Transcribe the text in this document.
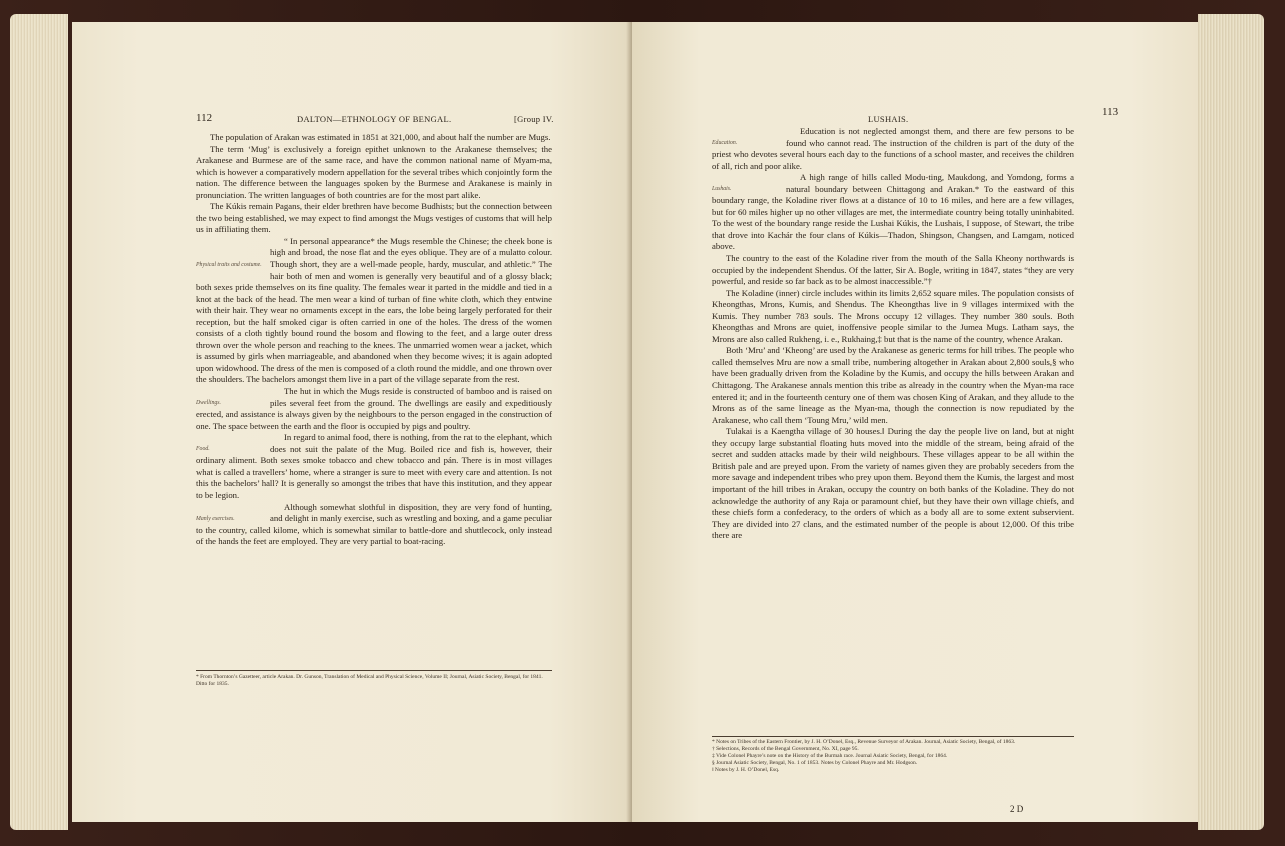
112	DALTON—ETHNOLOGY OF BENGAL.	[Group IV.

The population of Arakan was estimated in 1851 at 321,000, and about half the number are Mugs.

The term ‘Mug’ is exclusively a foreign epithet unknown to the Arakanese themselves; the Arakanese and Burmese are of the same race, and have the common national name of Myam-ma, which is however a comparatively modern appellation for the several tribes which conjointly form the nation. The difference between the languages spoken by the Burmese and Arakanese is mainly in pronunciation. The written languages of both countries are for the most part alike.

The Kúkis remain Pagans, their elder brethren have become Budhists; but the connection between the two being established, we may expect to find amongst the Mugs vestiges of customs that will help us in affiliating them.

Physical traits and costume.
“ In personal appearance* the Mugs resemble the Chinese; the cheek bone is high and broad, the nose flat and the eyes oblique. They are of a mulatto colour. Though short, they are a well-made people, hardy, muscular, and athletic.” The hair both of men and women is generally very beautiful and of a glossy black; both sexes pride themselves on its fine quality. The females wear it parted in the middle and tied in a knot at the back of the head. The men wear a kind of turban of fine white cloth, which they entwine with their hair. They wear no ornaments except in the ears, the lobe being largely perforated for their reception, but the half smoked cigar is often carried in one of the holes. The dress of the women consists of a cloth tightly bound round the bosom and flowing to the feet, and a large outer dress thrown over the whole person and reaching to the knees. The unmarried women wear a jacket, which is assumed by girls when marriageable, and abandoned when they become wives; it is again adopted upon widowhood. The dress of the men is composed of a cloth round the middle, and one thrown over the shoulders. The bachelors amongst them live in a part of the village separate from the rest.

Dwellings.
The hut in which the Mugs reside is constructed of bamboo and is raised on piles several feet from the ground. The dwellings are easily and expeditiously erected, and assistance is always given by the neighbours to the person engaged in the construction of one. The space between the earth and the floor is occupied by pigs and poultry.

Food.
In regard to animal food, there is nothing, from the rat to the elephant, which does not suit the palate of the Mug. Boiled rice and fish is, however, their ordinary aliment. Both sexes smoke tobacco and chew tobacco and pán. There is in most villages what is called a travellers’ home, where a stranger is sure to meet with every care and attention. Is not this the bachelors’ hall? It is generally so amongst the tribes that have this institution, and they appear to be legion.

Manly exercises.
Although somewhat slothful in disposition, they are very fond of hunting, and delight in manly exercise, such as wrestling and boxing, and a game peculiar to the country, called kilome, which is somewhat similar to battle-dore and shuttlecock, only instead of the hands the feet are employed. They are very partial to boat-racing.

* From Thornton’s Gazetteer, article Arakan. Dr. Gunson, Translation of Medical and Physical Science, Volume II; Journal, Asiatic Society, Bengal, for 1841. Ditto for 1835.
LUSHAIS.
113

Education.
Education is not neglected amongst them, and there are few persons to be found who cannot read. The instruction of the children is part of the duty of the priest who devotes several hours each day to the functions of a school master, and receives the children of all, rich and poor alike.

Lushais.
A high range of hills called Modu-ting, Maukdong, and Yomdong, forms a natural boundary between Chittagong and Arakan.* To the eastward of this boundary range, the Koladine river flows at a distance of 10 to 16 miles, and here are a few villages, but for 60 miles higher up no other villages are met, the intermediate country being totally uninhabited. To the west of the boundary range reside the Lushai Kúkis, the Lushais, I suppose, of Stewart, the tribe that drove into Kachár the four clans of Kúkis—Thadon, Shingson, Changsen, and Lamgam, noticed above.

The country to the east of the Koladine river from the mouth of the Salla Kheony northwards is occupied by the independent Shendus. Of the latter, Sir A. Bogle, writing in 1847, states “they are very powerful, and reside so far back as to be almost inaccessible.”†

The Koladine (inner) circle includes within its limits 2,652 square miles. The population consists of Kheongthas, Mrons, Kumis, and Shendus. The Kheongthas live in 9 villages intermixed with the Kumis. They number 783 souls. The Mrons occupy 12 villages. They number 380 souls. Both Kheongthas and Mrons are quiet, inoffensive people similar to the Jumea Mugs. Latham says, the Mrons are also called Rukheng, i. e., Rukhaing,‡ but that is the name of the country, whence Arakan.

Both ‘Mru’ and ‘Kheong’ are used by the Arakanese as generic terms for hill tribes. The people who called themselves Mru are now a small tribe, numbering altogether in Arakan about 2,800 souls,§ who have been gradually driven from the Koladine by the Kumis, and occupy the hills between Arakan and Chittagong. The Arakanese annals mention this tribe as already in the country when the Myan-ma race entered it; and in the fourteenth century one of them was chosen King of Arakan, and they allude to the Mrons as of the same lineage as the Myan-ma, though the connection is now repudiated by the Arakanese, who call them ‘Toung Mru,’ wild men.

Tulakai is a Kaengtha village of 30 houses.‖ During the day the people live on land, but at night they occupy large substantial floating huts moved into the middle of the stream, being afraid of the secret and sudden attacks made by their wild neighbours. These villages appear to be all within the British pale and are preyed upon. From the variety of names given they are probably seceders from the more savage and independent tribes who prey upon them. Beyond them the Kumis, the largest and most important of the hill tribes in Arakan, occupy the country on both banks of the Koladine. They do not acknowledge the authority of any Raja or paramount chief, but they have their own village chiefs, and these chiefs form a confederacy, to the orders of which as a body all are to some extent subservient. They are divided into 27 clans, and the estimated number of the people is about 12,000. Of this tribe there are

* Notes on Tribes of the Eastern Frontier, by J. H. O’Donel, Esq., Revenue Surveyor of Arakan. Journal, Asiatic Society, Bengal, of 1863.
† Selections, Records of the Bengal Government, No. XI, page 95.
‡ Vide Colonel Phayre’s note on the History of the Burmah race. Journal Asiatic Society, Bengal, for 1864.
§ Journal Asiatic Society, Bengal, No. 1 of 1853. Notes by Colonel Phayre and Mr. Hodgson.
‖ Notes by J. H. O’Donel, Esq.
2 D
